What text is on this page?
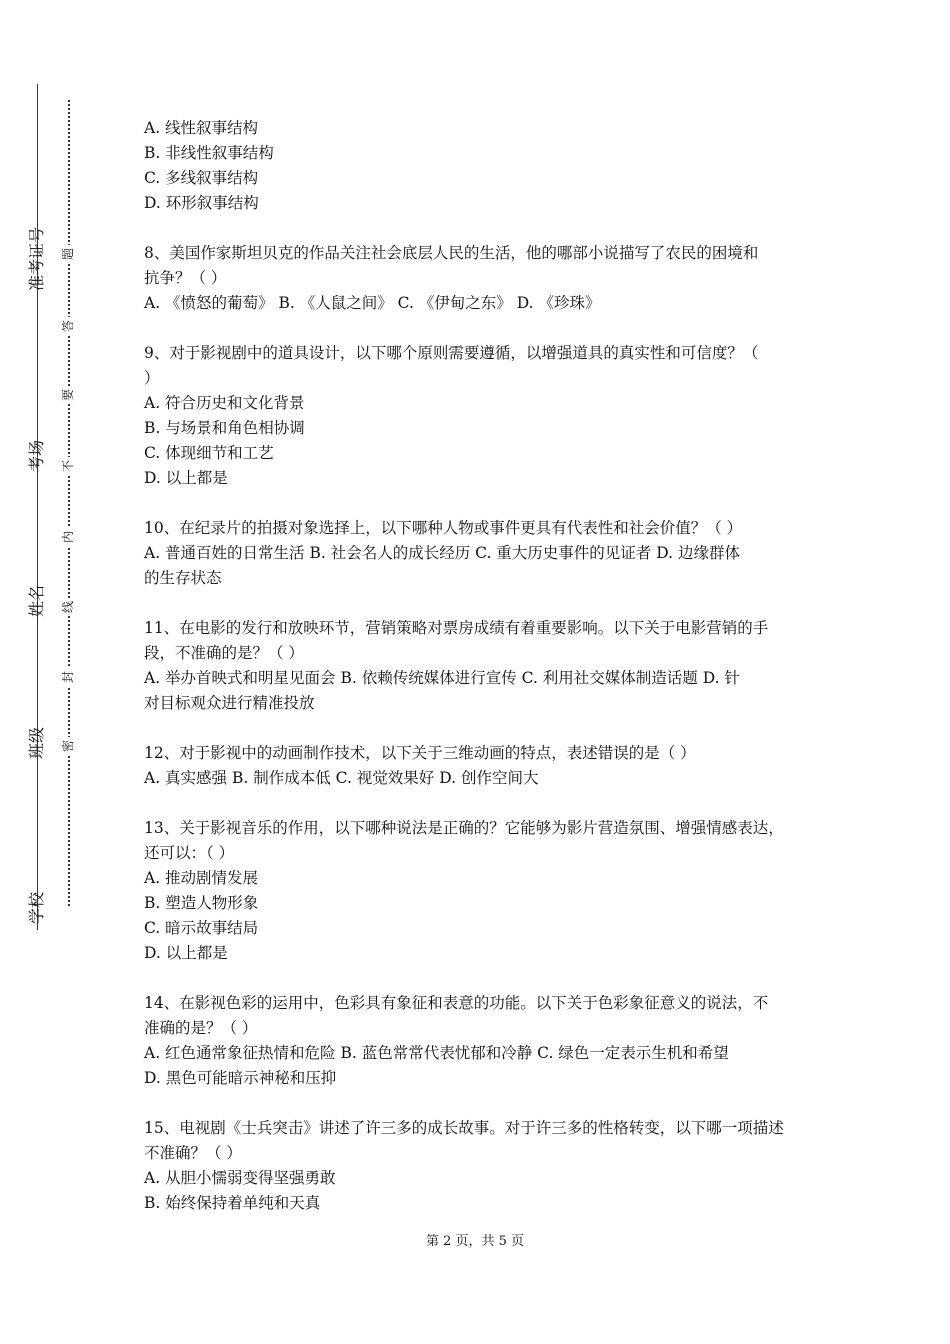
准考证号
考场
姓名
班级
学校
题
答
要
不
内
线
封
密

A. 线性叙事结构

B. 非线性叙事结构

C. 多线叙事结构

D. 环形叙事结构

8、美国作家斯坦贝克的作品关注社会底层人民的生活，他的哪部小说描写了农民的困境和

抗争？（ ）

A. 《愤怒的葡萄》 B. 《人鼠之间》 C. 《伊甸之东》 D. 《珍珠》

9、对于影视剧中的道具设计，以下哪个原则需要遵循，以增强道具的真实性和可信度？（

）

A. 符合历史和文化背景

B. 与场景和角色相协调

C. 体现细节和工艺

D. 以上都是

10、在纪录片的拍摄对象选择上，以下哪种人物或事件更具有代表性和社会价值？（ ）

A. 普通百姓的日常生活 B. 社会名人的成长经历 C. 重大历史事件的见证者 D. 边缘群体

的生存状态

11、在电影的发行和放映环节，营销策略对票房成绩有着重要影响。以下关于电影营销的手

段，不准确的是？（ ）

A. 举办首映式和明星见面会 B. 依赖传统媒体进行宣传 C. 利用社交媒体制造话题 D. 针

对目标观众进行精准投放

12、对于影视中的动画制作技术，以下关于三维动画的特点，表述错误的是（ ）

A. 真实感强 B. 制作成本低 C. 视觉效果好 D. 创作空间大

13、关于影视音乐的作用，以下哪种说法是正确的？它能够为影片营造氛围、增强情感表达，

还可以：（ ）

A. 推动剧情发展

B. 塑造人物形象

C. 暗示故事结局

D. 以上都是

14、在影视色彩的运用中，色彩具有象征和表意的功能。以下关于色彩象征意义的说法，不

准确的是？（ ）

A. 红色通常象征热情和危险 B. 蓝色常常代表忧郁和冷静 C. 绿色一定表示生机和希望

D. 黑色可能暗示神秘和压抑

15、电视剧《士兵突击》讲述了许三多的成长故事。对于许三多的性格转变，以下哪一项描述

不准确？（ ）

A. 从胆小懦弱变得坚强勇敢

B. 始终保持着单纯和天真

第 2 页，共 5 页
